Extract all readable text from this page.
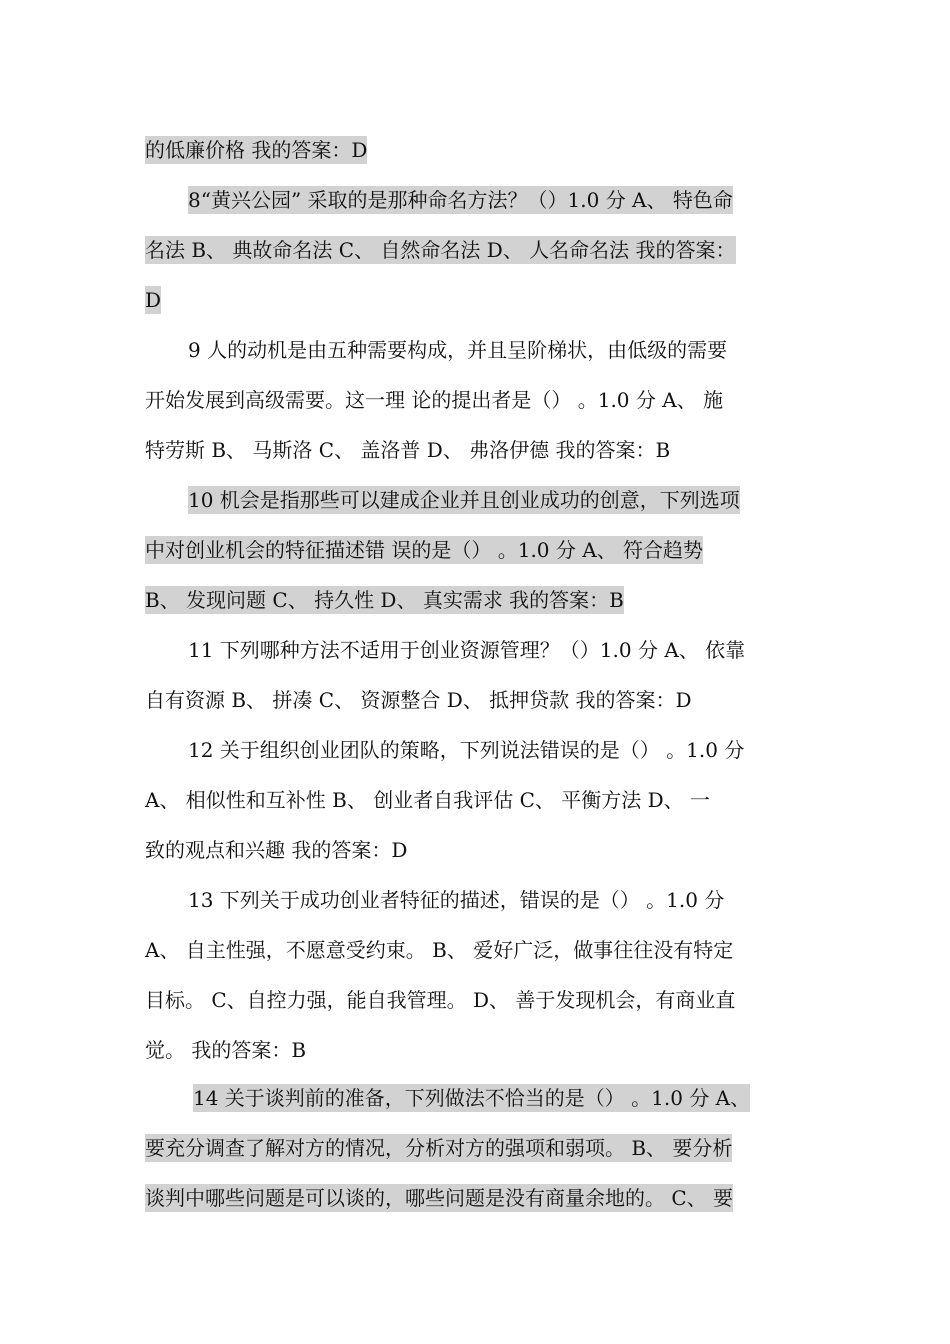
的低廉价格 我的答案：D

8“黄兴公园” 采取的是那种命名方法？（）1.0 分 A、 特色命

名法 B、 典故命名法 C、 自然命名法 D、 人名命名法 我的答案：

D

9 人的动机是由五种需要构成，并且呈阶梯状，由低级的需要

开始发展到高级需要。这一理 论的提出者是（） 。1.0 分 A、 施

特劳斯 B、 马斯洛 C、 盖洛普 D、 弗洛伊德 我的答案：B

10 机会是指那些可以建成企业并且创业成功的创意，下列选项

中对创业机会的特征描述错 误的是（） 。1.0 分 A、 符合趋势

B、 发现问题 C、 持久性 D、 真实需求 我的答案：B

11 下列哪种方法不适用于创业资源管理？（）1.0 分 A、 依靠

自有资源 B、 拼凑 C、 资源整合 D、 抵押贷款 我的答案：D

12 关于组织创业团队的策略，下列说法错误的是（） 。1.0 分

A、 相似性和互补性 B、 创业者自我评估 C、 平衡方法 D、 一

致的观点和兴趣 我的答案：D

13 下列关于成功创业者特征的描述，错误的是（） 。1.0 分

A、 自主性强，不愿意受约束。 B、 爱好广泛，做事往往没有特定

目标。 C、自控力强，能自我管理。 D、 善于发现机会，有商业直

觉。 我的答案：B

14 关于谈判前的准备，下列做法不恰当的是（） 。1.0 分 A、

要充分调查了解对方的情况，分析对方的强项和弱项。 B、 要分析

谈判中哪些问题是可以谈的，哪些问题是没有商量余地的。 C、 要
